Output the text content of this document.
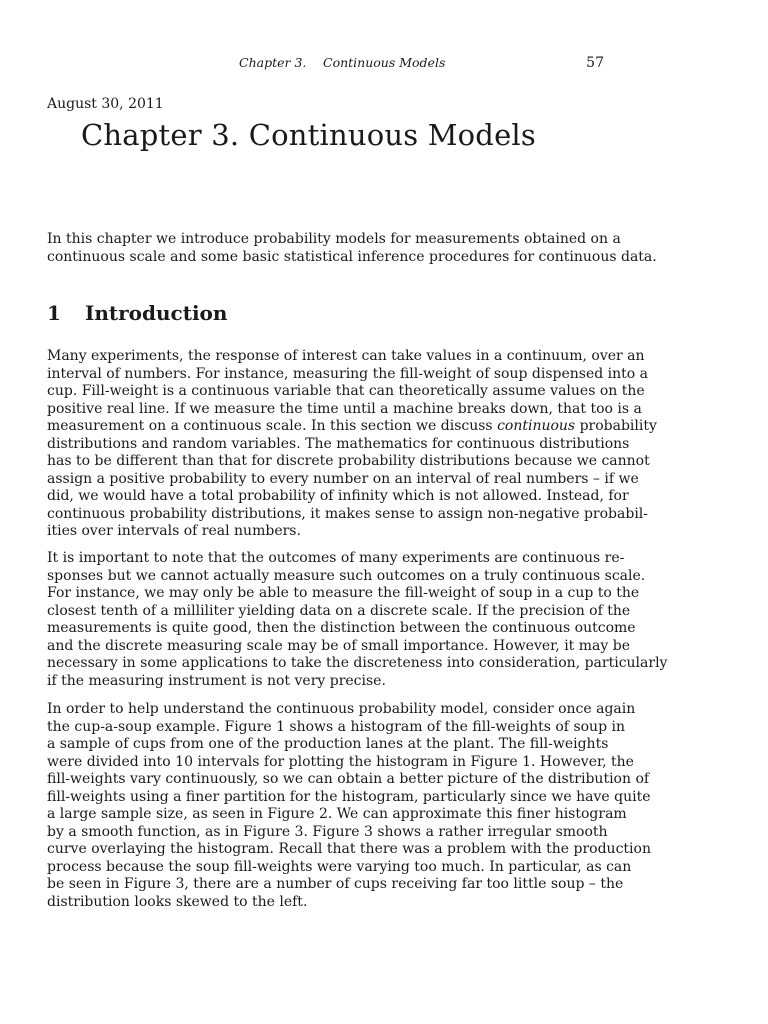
Chapter 3. Continuous Models	57
August 30, 2011
Chapter 3. Continuous Models

In this chapter we introduce probability models for measurements obtained on a
continuous scale and some basic statistical inference procedures for continuous data.

1 Introduction

Many experiments, the response of interest can take values in a continuum, over an
interval of numbers. For instance, measuring the fill-weight of soup dispensed into a
cup. Fill-weight is a continuous variable that can theoretically assume values on the
positive real line. If we measure the time until a machine breaks down, that too is a
measurement on a continuous scale. In this section we discuss continuous probability
distributions and random variables. The mathematics for continuous distributions
has to be different than that for discrete probability distributions because we cannot
assign a positive probability to every number on an interval of real numbers – if we
did, we would have a total probability of infinity which is not allowed. Instead, for
continuous probability distributions, it makes sense to assign non-negative probabil-
ities over intervals of real numbers.

It is important to note that the outcomes of many experiments are continuous re-
sponses but we cannot actually measure such outcomes on a truly continuous scale.
For instance, we may only be able to measure the fill-weight of soup in a cup to the
closest tenth of a milliliter yielding data on a discrete scale. If the precision of the
measurements is quite good, then the distinction between the continuous outcome
and the discrete measuring scale may be of small importance. However, it may be
necessary in some applications to take the discreteness into consideration, particularly
if the measuring instrument is not very precise.

In order to help understand the continuous probability model, consider once again
the cup-a-soup example. Figure 1 shows a histogram of the fill-weights of soup in
a sample of cups from one of the production lanes at the plant. The fill-weights
were divided into 10 intervals for plotting the histogram in Figure 1. However, the
fill-weights vary continuously, so we can obtain a better picture of the distribution of
fill-weights using a finer partition for the histogram, particularly since we have quite
a large sample size, as seen in Figure 2. We can approximate this finer histogram
by a smooth function, as in Figure 3. Figure 3 shows a rather irregular smooth
curve overlaying the histogram. Recall that there was a problem with the production
process because the soup fill-weights were varying too much. In particular, as can
be seen in Figure 3, there are a number of cups receiving far too little soup – the
distribution looks skewed to the left.
